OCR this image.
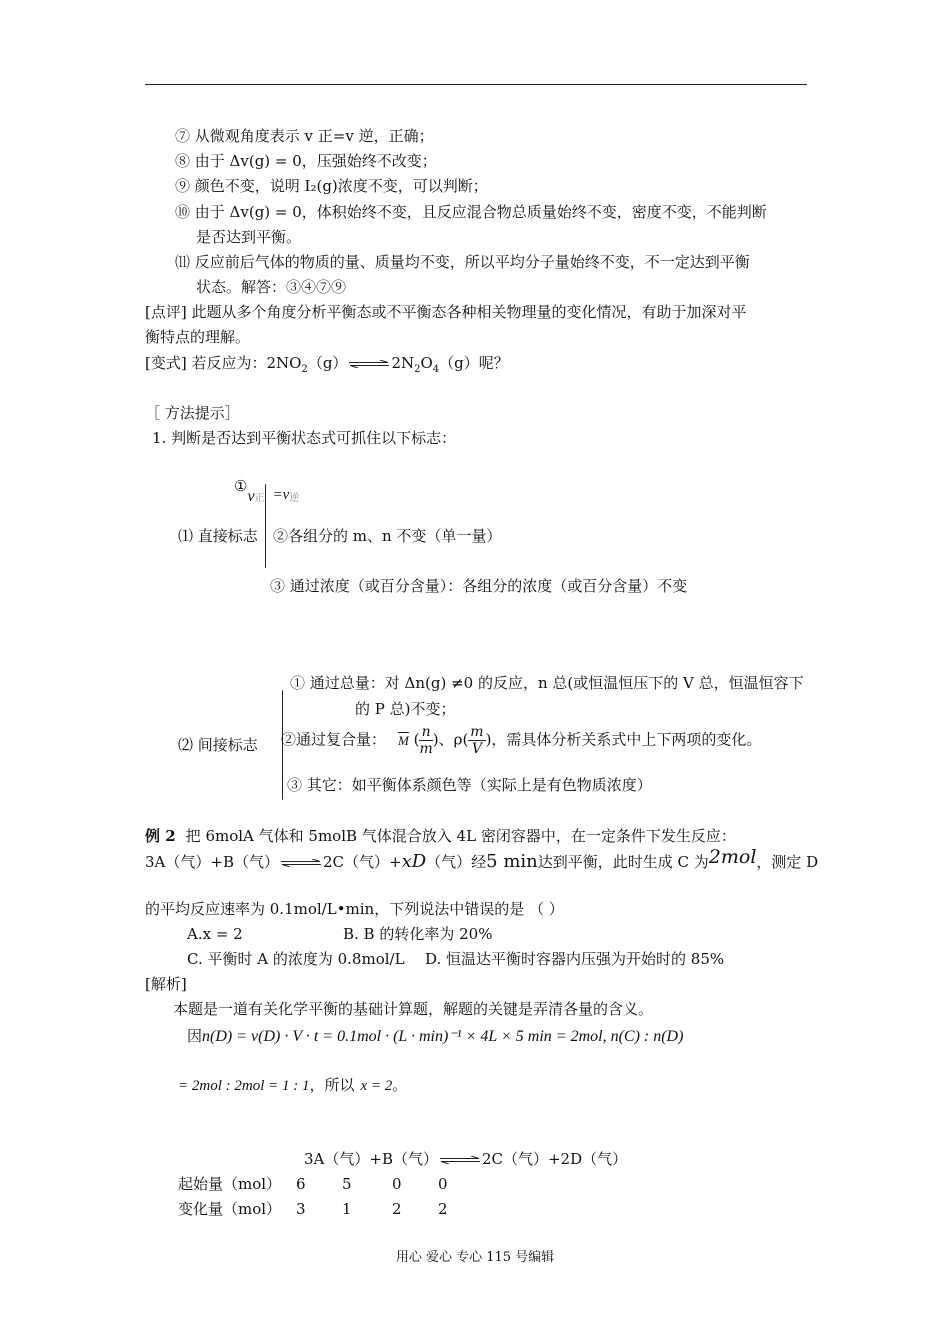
⑦ 从微观角度表示 v 正=v 逆，正确；
⑧ 由于 Δv(g) = 0，压强始终不改变；
⑨ 颜色不变，说明 I₂(g)浓度不变，可以判断；
⑩ 由于 Δv(g) = 0，体积始终不变，且反应混合物总质量始终不变，密度不变，不能判断
是否达到平衡。
⑾ 反应前后气体的物质的量、质量均不变，所以平均分子量始终不变，不一定达到平衡
状态。解答：③④⑦⑨
[点评] 此题从多个角度分析平衡态或不平衡态各种相关物理量的变化情况，有助于加深对平
衡特点的理解。
[变式] 若反应为：$2NO_2(g)$ ⇌ $2N_2O_4(g)$呢？
［ 方法提示］
1. 判断是否达到平衡状态式可抓住以下标志：
$①v_正 =v_逆$
⑴ 直接标志 ②各组分的 m、n 不变（单一量）
③ 通过浓度（或百分含量）：各组分的浓度（或百分含量）不变
① 通过总量：对 Δn(g) ≠0 的反应，n 总(或恒温恒压下的 V 总，恒温恒容下
的 P 总)不变；
⑵ 间接标志 ②通过复合量： $\overline{M}$ ( $\frac{n}{m}$ )、$\rho( \frac{m}{V}$ )，需具体分析关系式中上下两项的变化。
③ 其它：如平衡体系颜色等（实际上是有色物质浓度）
例 2 把 6molA 气体和 5molB 气体混合放入 4L 密闭容器中，在一定条件下发生反应：
3A（气）+B（气） ⇌ 2C（气）+xD（气）经5 min达到平衡，此时生成 C 为2mol，测定 D
的平均反应速率为 0.1mol/L•min，下列说法中错误的是 （ ）
A.x = 2	B. B 的转化率为 20%
C. 平衡时 A 的浓度为 0.8mol/L D. 恒温达平衡时容器内压强为开始时的 85%
[解析]
本题是一道有关化学平衡的基础计算题，解题的关键是弄清各量的含义。
因n(D) = v(D) · V · t = 0.1mol · (L · min)⁻¹ × 4L × 5 min = 2mol, n(C) : n(D)
= 2mol : 2mol = 1 : 1，所以 x = 2。
3A（气）+B（气） ⇌ 2C（气）+2D（气）
起始量（mol） 6 5	0 0
变化量（mol） 3 1	2 2
用心 爱心 专心 115 号编辑
